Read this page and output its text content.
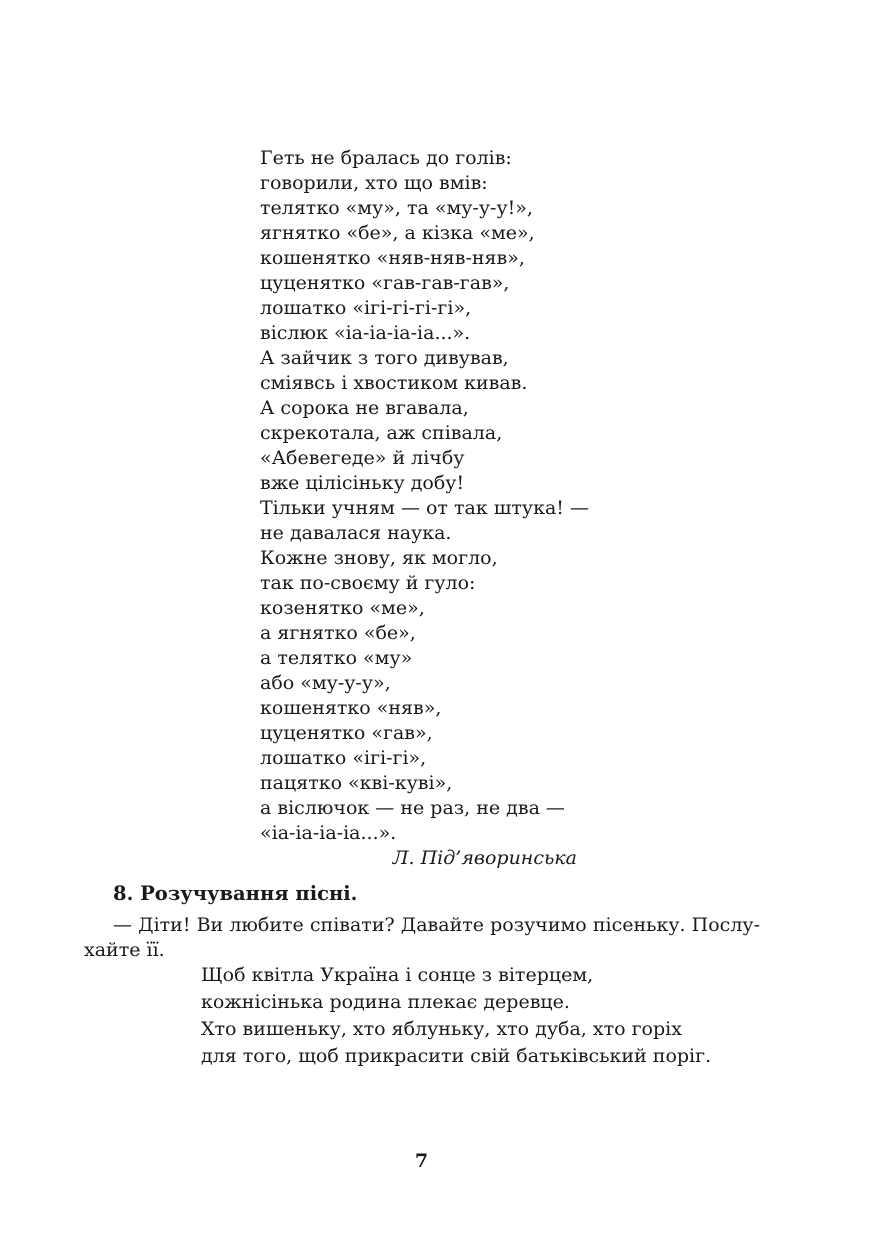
Геть не бралась до голів:
говорили, хто що вмів:
телятко «му», та «му-у-у!»,
ягнятко «бе», а кізка «ме»,
кошенятко «няв-няв-няв»,
цуценятко «гав-гав-гав»,
лошатко «ігі-гі-гі-гі»,
віслюк «іа-іа-іа-іа...».
А зайчик з того дивував,
сміявсь і хвостиком кивав.
А сорока не вгавала,
скрекотала, аж співала,
«Абевегеде» й лічбу
вже цілісіньку добу!
Тільки учням — от так штука! —
не давалася наука.
Кожне знову, як могло,
так по-своєму й гуло:
козенятко «ме»,
а ягнятко «бе»,
а телятко «му»
або «му-у-у»,
кошенятко «няв»,
цуценятко «гав»,
лошатко «ігі-гі»,
пацятко «кві-куві»,
а віслючок — не раз, не два —
«іа-іа-іа-іа...».
Л. Під’яворинська
8. Розучування пісні.
— Діти! Ви любите співати? Давайте розучимо пісеньку. Послу-
хайте її.
Щоб квітла Україна і сонце з вітерцем,
кожнісінька родина плекає деревце.
Хто вишеньку, хто яблуньку, хто дуба, хто горіх
для того, щоб прикрасити свій батьківський поріг.
7
